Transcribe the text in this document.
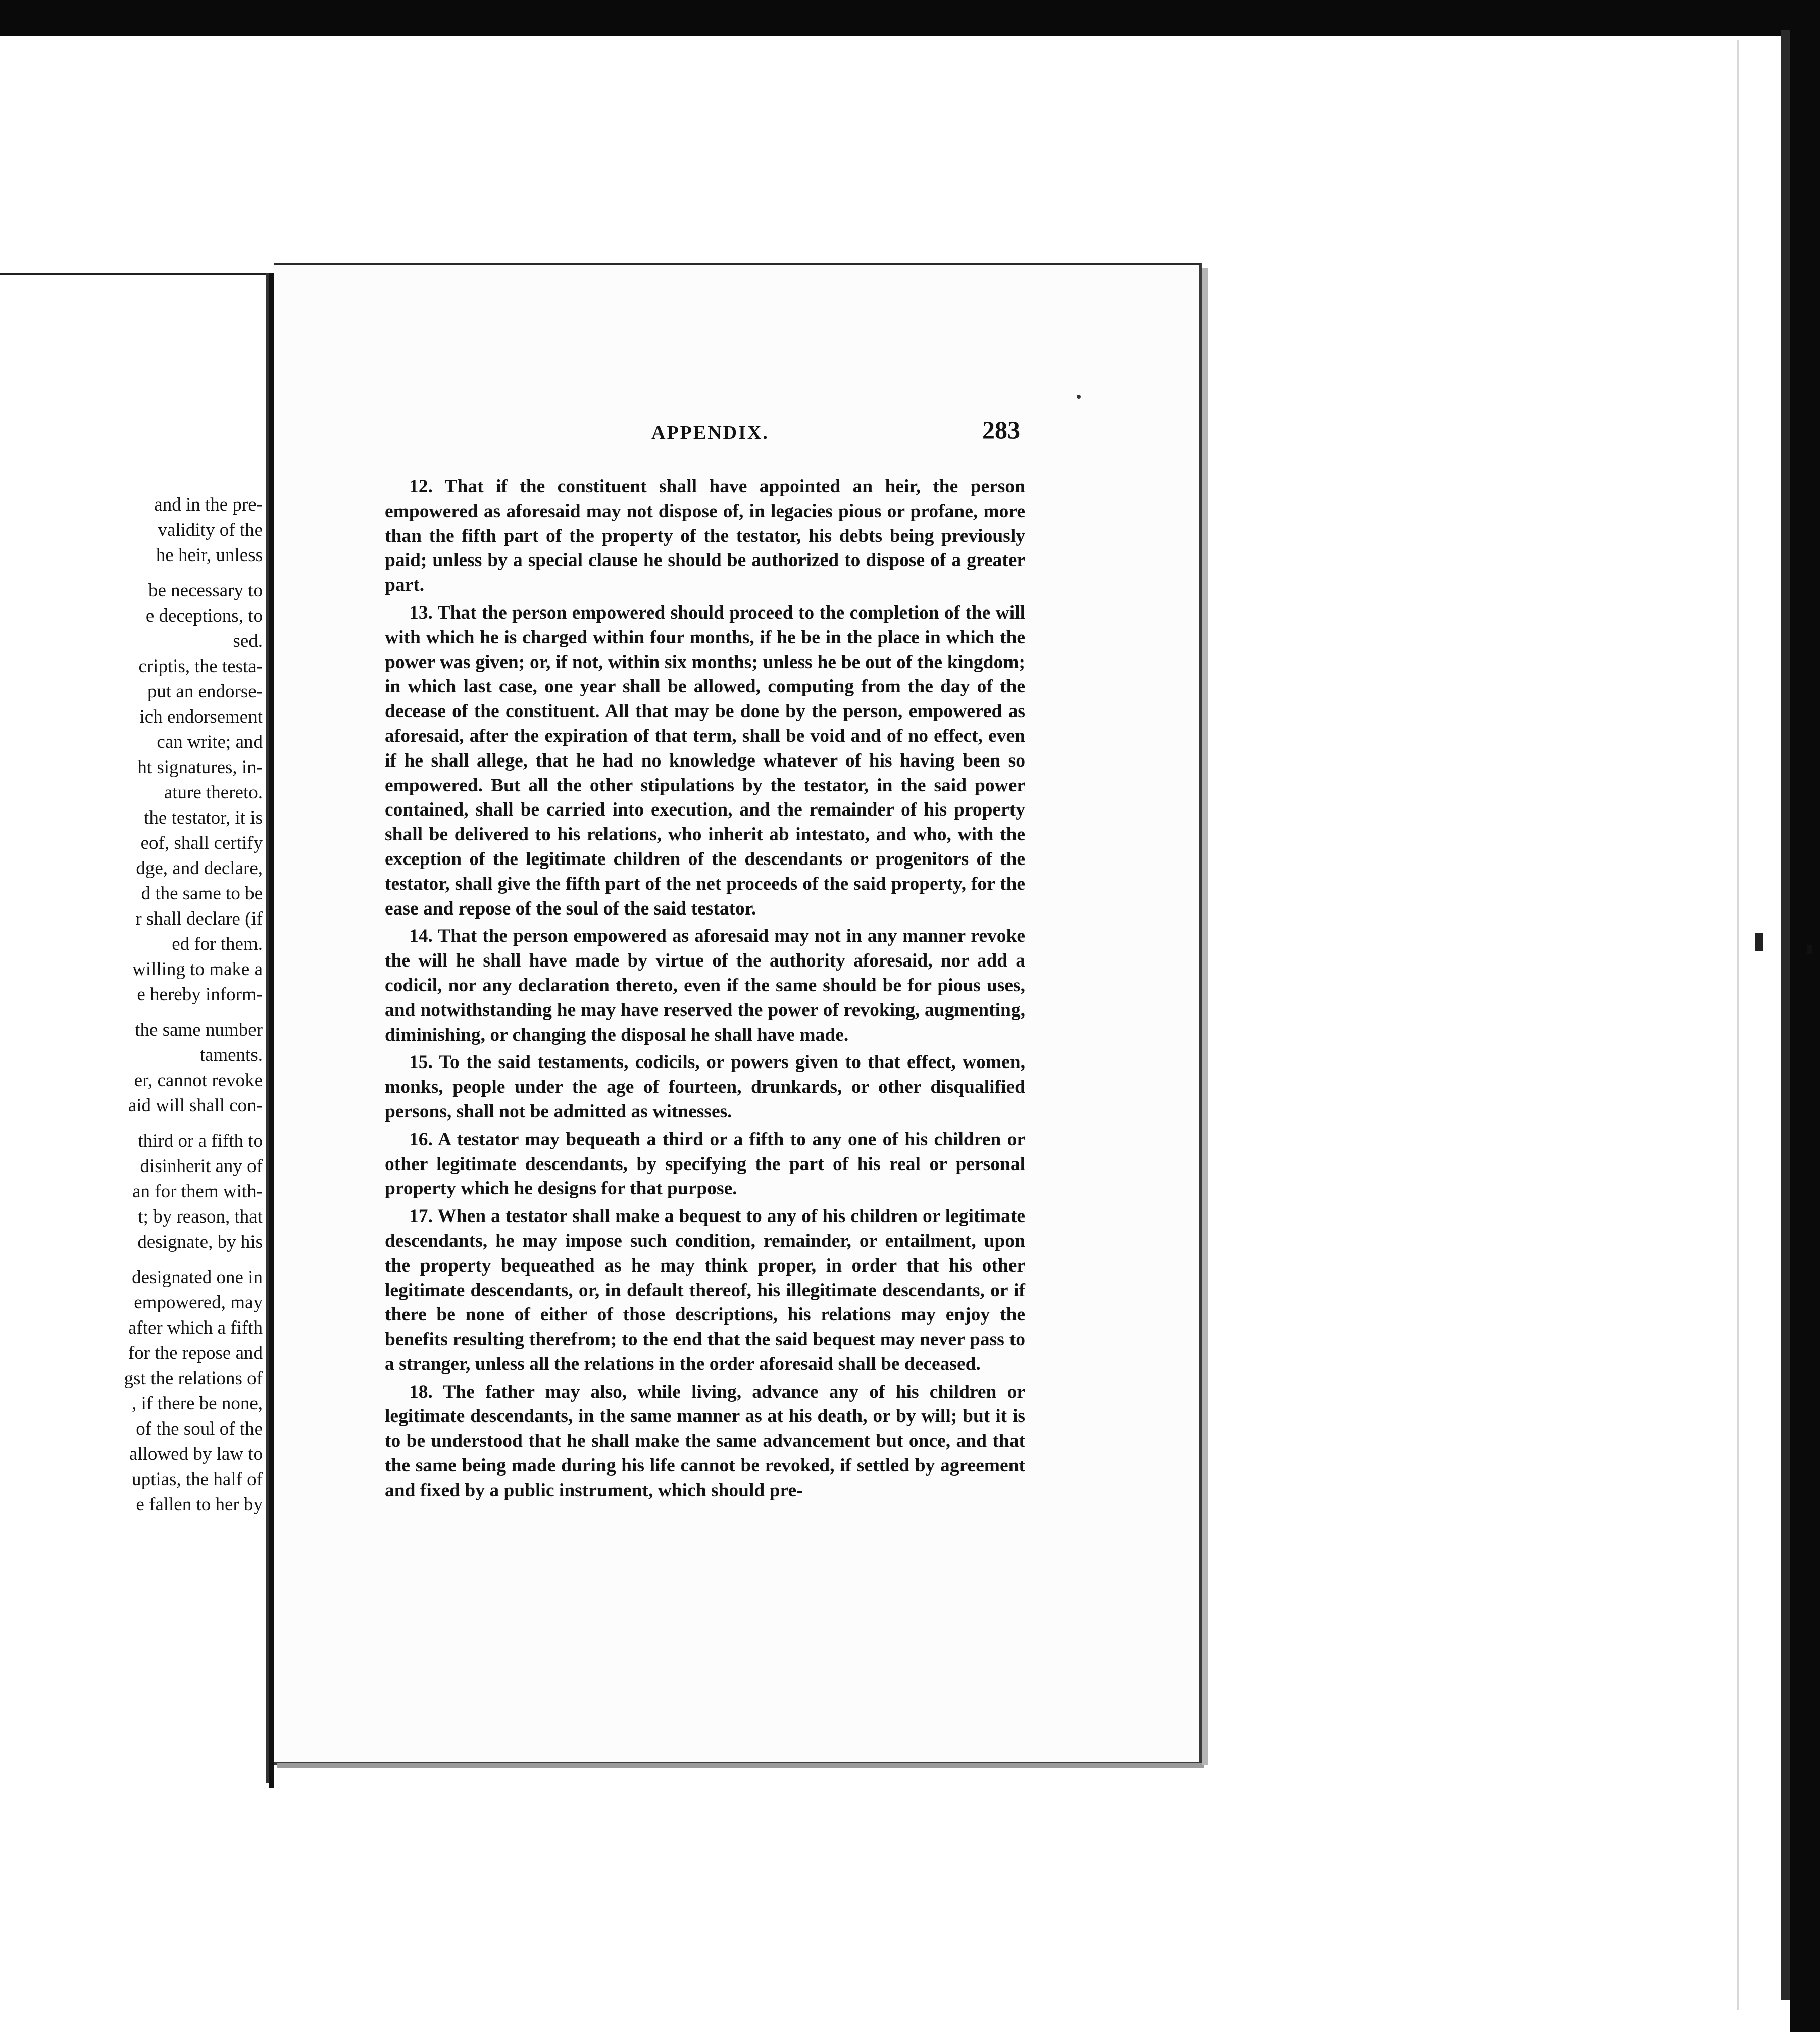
and in the pre-
validity of the
he heir, unless
be necessary to
e deceptions, to
sed.
criptis, the testa-
put an endorse-
ich endorsement
can write; and
ht signatures, in-
ature thereto.
the testator, it is
eof, shall certify
dge, and declare,
d the same to be
r shall declare (if
ed for them.
willing to make a
e hereby inform-
the same number
taments.
er, cannot revoke
aid will shall con-
third or a fifth to
disinherit any of
an for them with-
t; by reason, that
designate, by his
designated one in
empowered, may
after which a fifth
for the repose and
gst the relations of
, if there be none,
of the soul of the
allowed by law to
uptias, the half of
e fallen to her by
APPENDIX.	283

12. That if the constituent shall have appointed an heir, the person empowered as aforesaid may not dispose of, in legacies pious or profane, more than the fifth part of the property of the testator, his debts being previously paid; unless by a special clause he should be authorized to dispose of a greater part.

13. That the person empowered should proceed to the completion of the will with which he is charged within four months, if he be in the place in which the power was given; or, if not, within six months; unless he be out of the kingdom; in which last case, one year shall be allowed, computing from the day of the decease of the constituent. All that may be done by the person, empowered as aforesaid, after the expiration of that term, shall be void and of no effect, even if he shall allege, that he had no knowledge whatever of his having been so empowered. But all the other stipulations by the testator, in the said power contained, shall be carried into execution, and the remainder of his property shall be delivered to his relations, who inherit ab intestato, and who, with the exception of the legitimate children of the descendants or progenitors of the testator, shall give the fifth part of the net proceeds of the said property, for the ease and repose of the soul of the said testator.

14. That the person empowered as aforesaid may not in any manner revoke the will he shall have made by virtue of the authority aforesaid, nor add a codicil, nor any declaration thereto, even if the same should be for pious uses, and notwithstanding he may have reserved the power of revoking, augmenting, diminishing, or changing the disposal he shall have made.

15. To the said testaments, codicils, or powers given to that effect, women, monks, people under the age of fourteen, drunkards, or other disqualified persons, shall not be admitted as witnesses.

16. A testator may bequeath a third or a fifth to any one of his children or other legitimate descendants, by specifying the part of his real or personal property which he designs for that purpose.

17. When a testator shall make a bequest to any of his children or legitimate descendants, he may impose such condition, remainder, or entailment, upon the property bequeathed as he may think proper, in order that his other legitimate descendants, or, in default thereof, his illegitimate descendants, or if there be none of either of those descriptions, his relations may enjoy the benefits resulting therefrom; to the end that the said bequest may never pass to a stranger, unless all the relations in the order aforesaid shall be deceased.

18. The father may also, while living, advance any of his children or legitimate descendants, in the same manner as at his death, or by will; but it is to be understood that he shall make the same advancement but once, and that the same being made during his life cannot be revoked, if settled by agreement and fixed by a public instrument, which should pre-
